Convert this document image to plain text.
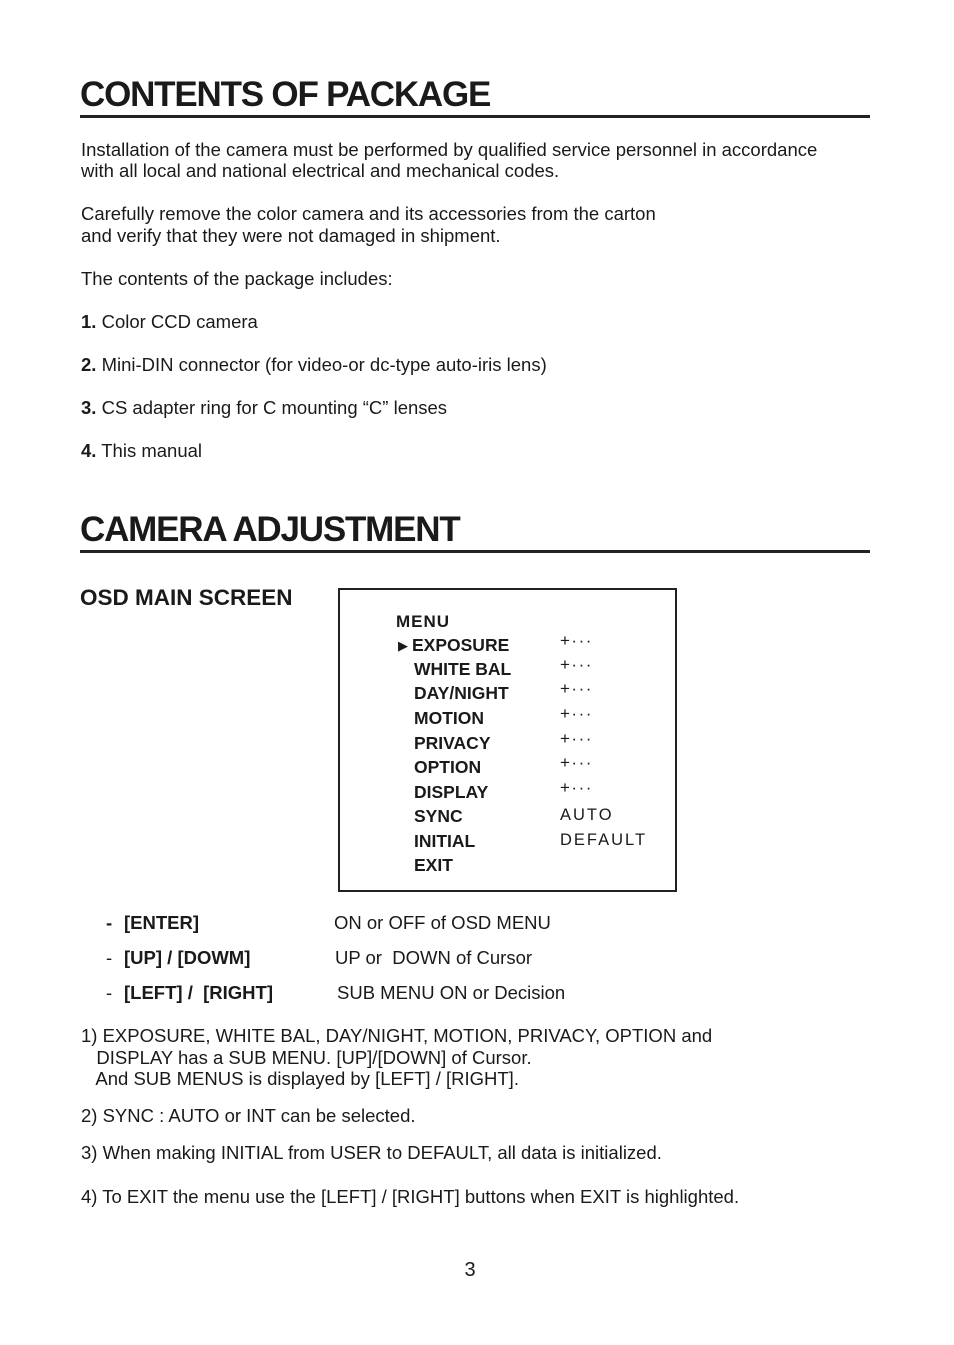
CONTENTS OF PACKAGE
Installation of the camera must be performed by qualified service personnel in accordance
with all local and national electrical and mechanical codes.
Carefully remove the color camera and its accessories from the carton
and verify that they were not damaged in shipment.
The contents of the package includes:
1. Color CCD camera
2. Mini-DIN connector (for video-or dc-type auto-iris lens)
3. CS adapter ring for C mounting “C” lenses
4. This manual
CAMERA ADJUSTMENT
OSD MAIN SCREEN
MENU
▶ EXPOSURE	+···
WHITE BAL	+···
DAY/NIGHT	+···
MOTION	+···
PRIVACY	+···
OPTION	+···
DISPLAY	+···
SYNC	AUTO
INITIAL	DEFAULT
EXIT
- [ENTER]	ON or OFF of OSD MENU
- [UP] / [DOWM]	UP or  DOWN of Cursor
- [LEFT] /  [RIGHT]	SUB MENU ON or Decision
1) EXPOSURE, WHITE BAL, DAY/NIGHT, MOTION, PRIVACY, OPTION and
DISPLAY has a SUB MENU. [UP]/[DOWN] of Cursor.
And SUB MENUS is displayed by [LEFT] / [RIGHT].
2) SYNC : AUTO or INT can be selected.
3) When making INITIAL from USER to DEFAULT, all data is initialized.
4) To EXIT the menu use the [LEFT] / [RIGHT] buttons when EXIT is highlighted.
3
